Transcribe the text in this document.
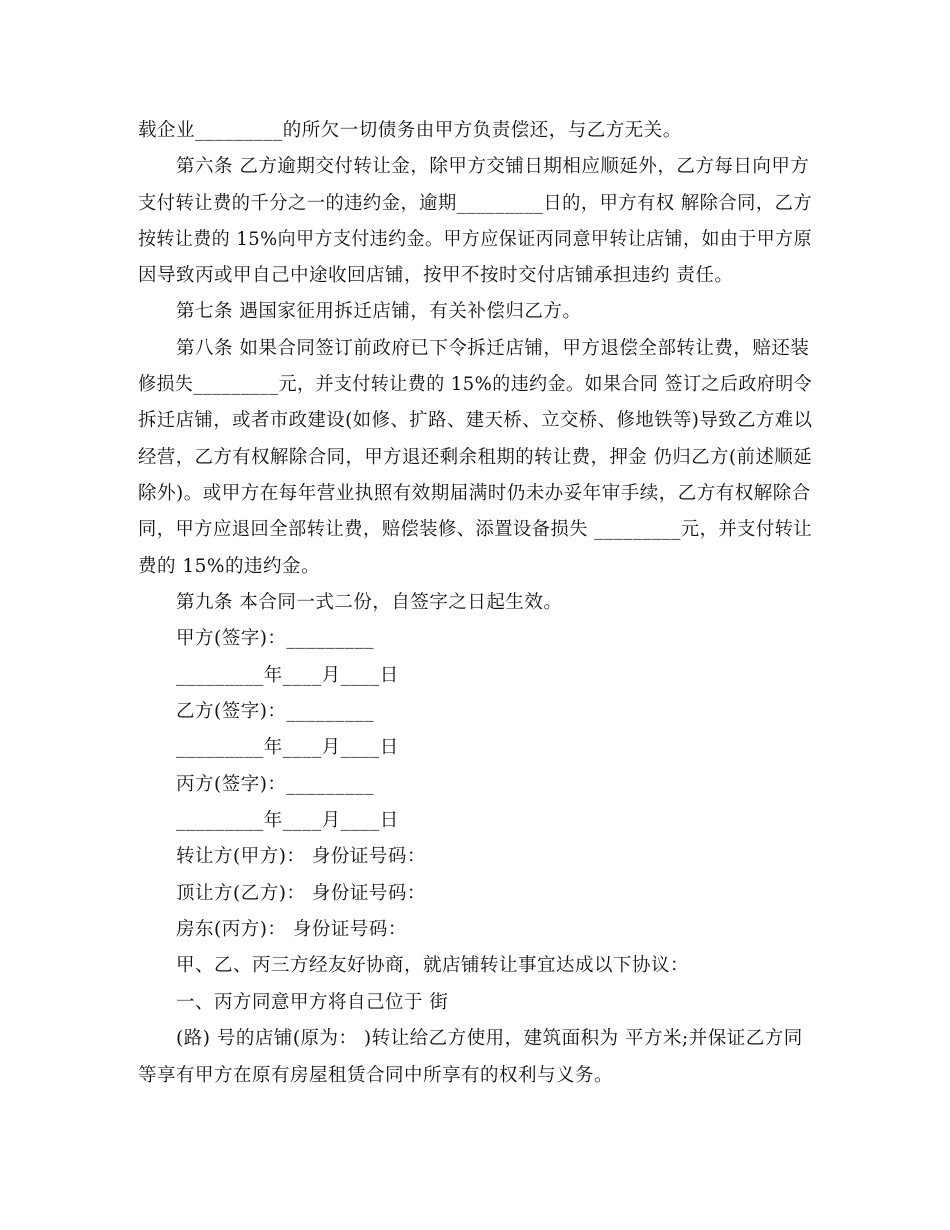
载企业_________的所欠一切债务由甲方负责偿还，与乙方无关。
第六条 乙方逾期交付转让金，除甲方交铺日期相应顺延外，乙方每日向甲方
支付转让费的千分之一的违约金，逾期_________日的，甲方有权 解除合同，乙方
按转让费的 15%向甲方支付违约金。甲方应保证丙同意甲转让店铺，如由于甲方原
因导致丙或甲自己中途收回店铺，按甲不按时交付店铺承担违约 责任。
第七条 遇国家征用拆迁店铺，有关补偿归乙方。
第八条 如果合同签订前政府已下令拆迁店铺，甲方退偿全部转让费，赔还装
修损失_________元，并支付转让费的 15%的违约金。如果合同 签订之后政府明令
拆迁店铺，或者市政建设(如修、扩路、建天桥、立交桥、修地铁等)导致乙方难以
经营，乙方有权解除合同，甲方退还剩余租期的转让费，押金 仍归乙方(前述顺延
除外)。或甲方在每年营业执照有效期届满时仍未办妥年审手续，乙方有权解除合
同，甲方应退回全部转让费，赔偿装修、添置设备损失 _________元，并支付转让
费的 15%的违约金。
第九条 本合同一式二份，自签字之日起生效。
甲方(签字)：_________
_________年____月____日
乙方(签字)：_________
_________年____月____日
丙方(签字)：_________
_________年____月____日
转让方(甲方)： 身份证号码：
顶让方(乙方)： 身份证号码：
房东(丙方)： 身份证号码：
甲、乙、丙三方经友好协商，就店铺转让事宜达成以下协议：
一、丙方同意甲方将自己位于 街
(路) 号的店铺(原为： )转让给乙方使用，建筑面积为 平方米;并保证乙方同
等享有甲方在原有房屋租赁合同中所享有的权利与义务。
